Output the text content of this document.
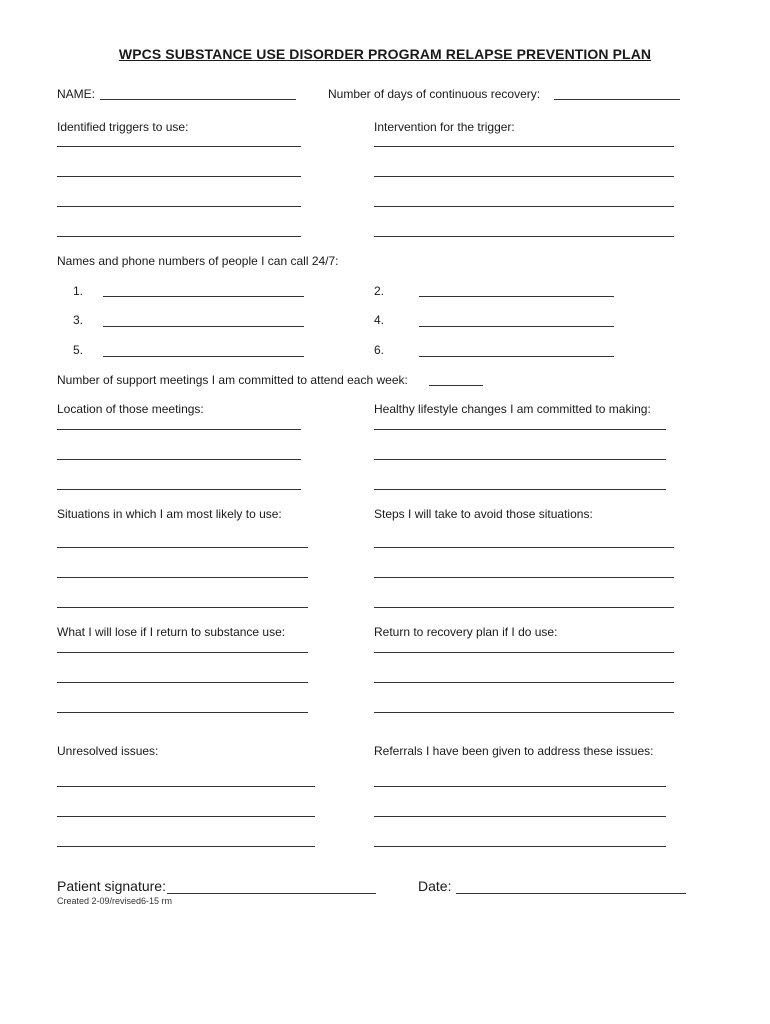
WPCS SUBSTANCE USE DISORDER PROGRAM RELAPSE PREVENTION PLAN
NAME:	Number of days of continuous recovery:
Identified triggers to use:	Intervention for the trigger:
Names and phone numbers of people I can call 24/7:
1.	2.
3.	4.
5.	6.
Number of support meetings I am committed to attend each week:
Location of those meetings:	Healthy lifestyle changes I am committed to making:
Situations in which I am most likely to use:	Steps I will take to avoid those situations:
What I will lose if I return to substance use:	Return to recovery plan if I do use:
Unresolved issues:	Referrals I have been given to address these issues:
Patient signature:	Date:
Created 2-09/revised6-15 rm
